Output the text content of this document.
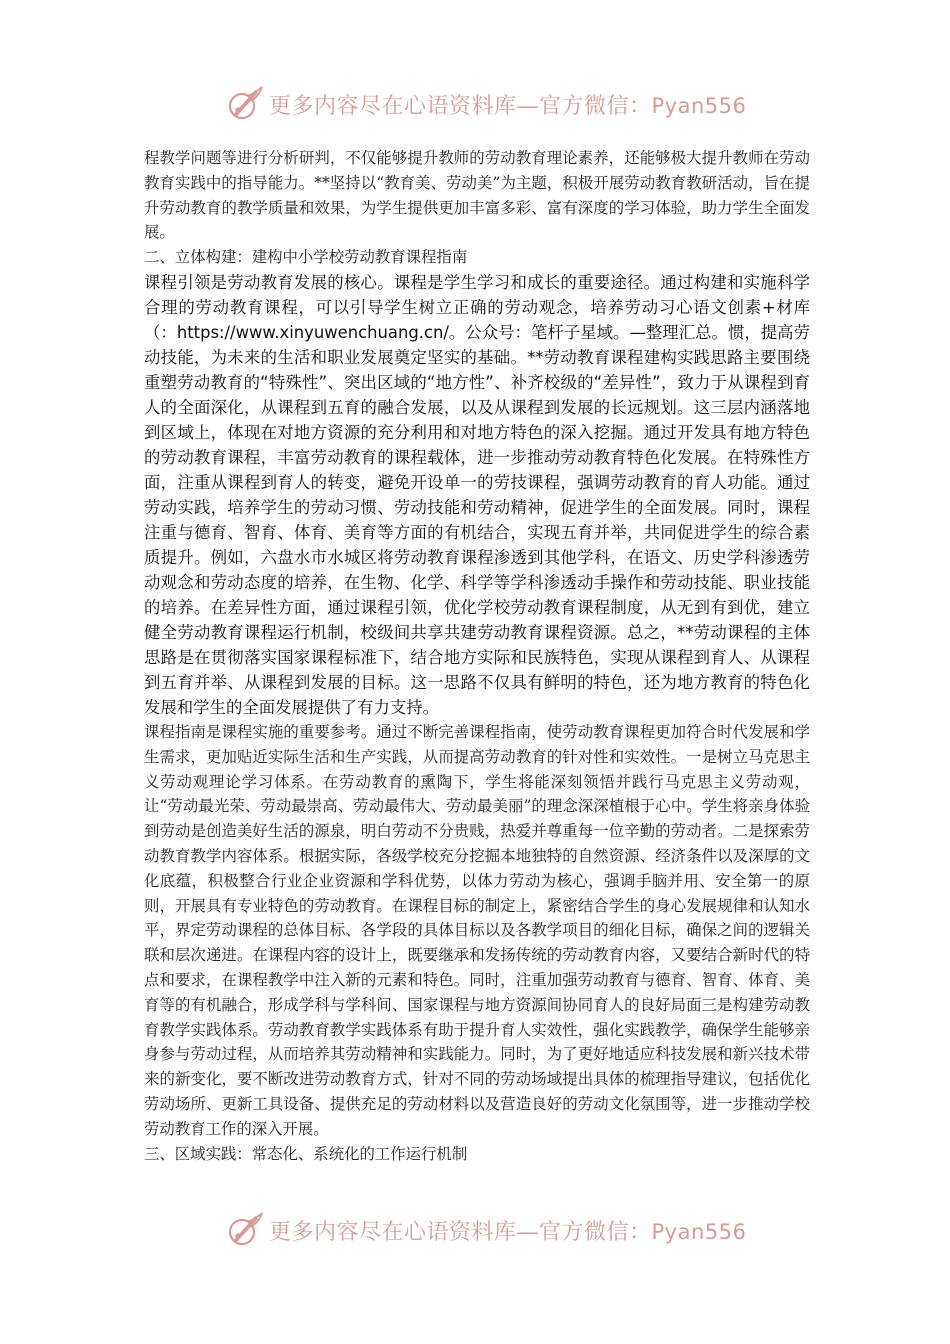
更多内容尽在心语资料库—官方微信：Pyan556

程教学问题等进行分析研判，不仅能够提升教师的劳动教育理论素养，还能够极大提升教师在劳动教育实践中的指导能力。**坚持以“教育美、劳动美”为主题，积极开展劳动教育教研活动，旨在提升劳动教育的教学质量和效果，为学生提供更加丰富多彩、富有深度的学习体验，助力学生全面发展。

二、立体构建：建构中小学校劳动教育课程指南

课程引领是劳动教育发展的核心。课程是学生学习和成长的重要途径。通过构建和实施科学合理的劳动教育课程，可以引导学生树立正确的劳动观念，培养劳动习心语文创素+材库（：https://www.xinyuwenchuang.cn/。公众号：笔杆子星域。—整理汇总。惯，提高劳动技能，为未来的生活和职业发展奠定坚实的基础。**劳动教育课程建构实践思路主要围绕重塑劳动教育的“特殊性”、突出区域的“地方性”、补齐校级的“差异性”，致力于从课程到育人的全面深化，从课程到五育的融合发展，以及从课程到发展的长远规划。这三层内涵落地到区域上，体现在对地方资源的充分利用和对地方特色的深入挖掘。通过开发具有地方特色的劳动教育课程，丰富劳动教育的课程载体，进一步推动劳动教育特色化发展。在特殊性方面，注重从课程到育人的转变，避免开设单一的劳技课程，强调劳动教育的育人功能。通过劳动实践，培养学生的劳动习惯、劳动技能和劳动精神，促进学生的全面发展。同时，课程注重与德育、智育、体育、美育等方面的有机结合，实现五育并举，共同促进学生的综合素质提升。例如，六盘水市水城区将劳动教育课程渗透到其他学科，在语文、历史学科渗透劳动观念和劳动态度的培养，在生物、化学、科学等学科渗透动手操作和劳动技能、职业技能的培养。在差异性方面，通过课程引领，优化学校劳动教育课程制度，从无到有到优，建立健全劳动教育课程运行机制，校级间共享共建劳动教育课程资源。总之，**劳动课程的主体思路是在贯彻落实国家课程标准下，结合地方实际和民族特色，实现从课程到育人、从课程到五育并举、从课程到发展的目标。这一思路不仅具有鲜明的特色，还为地方教育的特色化发展和学生的全面发展提供了有力支持。

课程指南是课程实施的重要参考。通过不断完善课程指南，使劳动教育课程更加符合时代发展和学生需求，更加贴近实际生活和生产实践，从而提高劳动教育的针对性和实效性。一是树立马克思主义劳动观理论学习体系。在劳动教育的熏陶下，学生将能深刻领悟并践行马克思主义劳动观，让“劳动最光荣、劳动最崇高、劳动最伟大、劳动最美丽”的理念深深植根于心中。学生将亲身体验到劳动是创造美好生活的源泉，明白劳动不分贵贱，热爱并尊重每一位辛勤的劳动者。二是探索劳动教育教学内容体系。根据实际，各级学校充分挖掘本地独特的自然资源、经济条件以及深厚的文化底蕴，积极整合行业企业资源和学科优势，以体力劳动为核心，强调手脑并用、安全第一的原则，开展具有专业特色的劳动教育。在课程目标的制定上，紧密结合学生的身心发展规律和认知水平，界定劳动课程的总体目标、各学段的具体目标以及各教学项目的细化目标，确保之间的逻辑关联和层次递进。在课程内容的设计上，既要继承和发扬传统的劳动教育内容，又要结合新时代的特点和要求，在课程教学中注入新的元素和特色。同时，注重加强劳动教育与德育、智育、体育、美育等的有机融合，形成学科与学科间、国家课程与地方资源间协同育人的良好局面三是构建劳动教育教学实践体系。劳动教育教学实践体系有助于提升育人实效性，强化实践教学，确保学生能够亲身参与劳动过程，从而培养其劳动精神和实践能力。同时，为了更好地适应科技发展和新兴技术带来的新变化，要不断改进劳动教育方式，针对不同的劳动场域提出具体的梳理指导建议，包括优化劳动场所、更新工具设备、提供充足的劳动材料以及营造良好的劳动文化氛围等，进一步推动学校劳动教育工作的深入开展。

三、区域实践：常态化、系统化的工作运行机制

更多内容尽在心语资料库—官方微信：Pyan556
